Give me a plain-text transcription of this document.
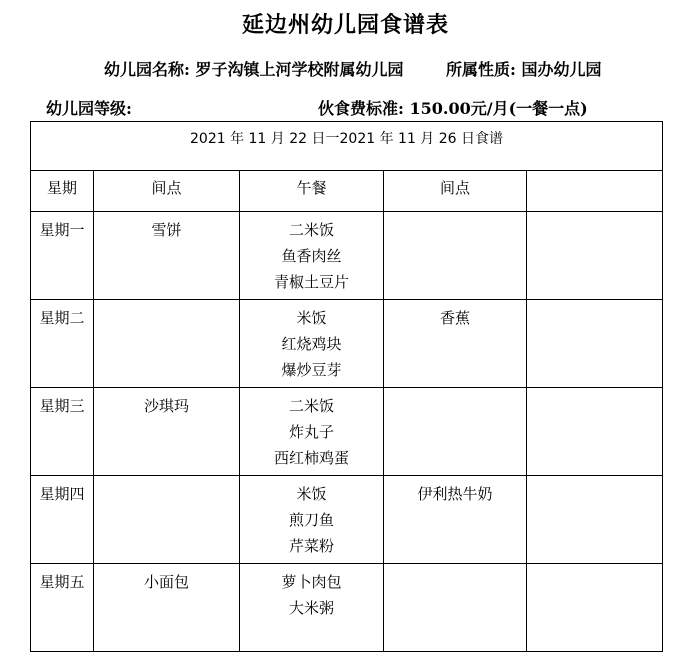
延边州幼儿园食谱表
幼儿园名称: 罗子沟镇上河学校附属幼儿园	所属性质: 国办幼儿园
幼儿园等级:	伙食费标准: 150.00元/月(一餐一点)
2021 年 11 月 22 日一2021 年 11 月 26 日食谱				
星期	间点	午餐	间点	
星期一	雪饼	二米饭
鱼香肉丝
青椒土豆片		

星期二		米饭
红烧鸡块
爆炒豆芽	香蕉	
星期三	沙琪玛	二米饭
炸丸子
西红柿鸡蛋		

星期四		米饭
煎刀鱼
芹菜粉	伊利热牛奶	
星期五	小面包	萝卜肉包
大米粥		
